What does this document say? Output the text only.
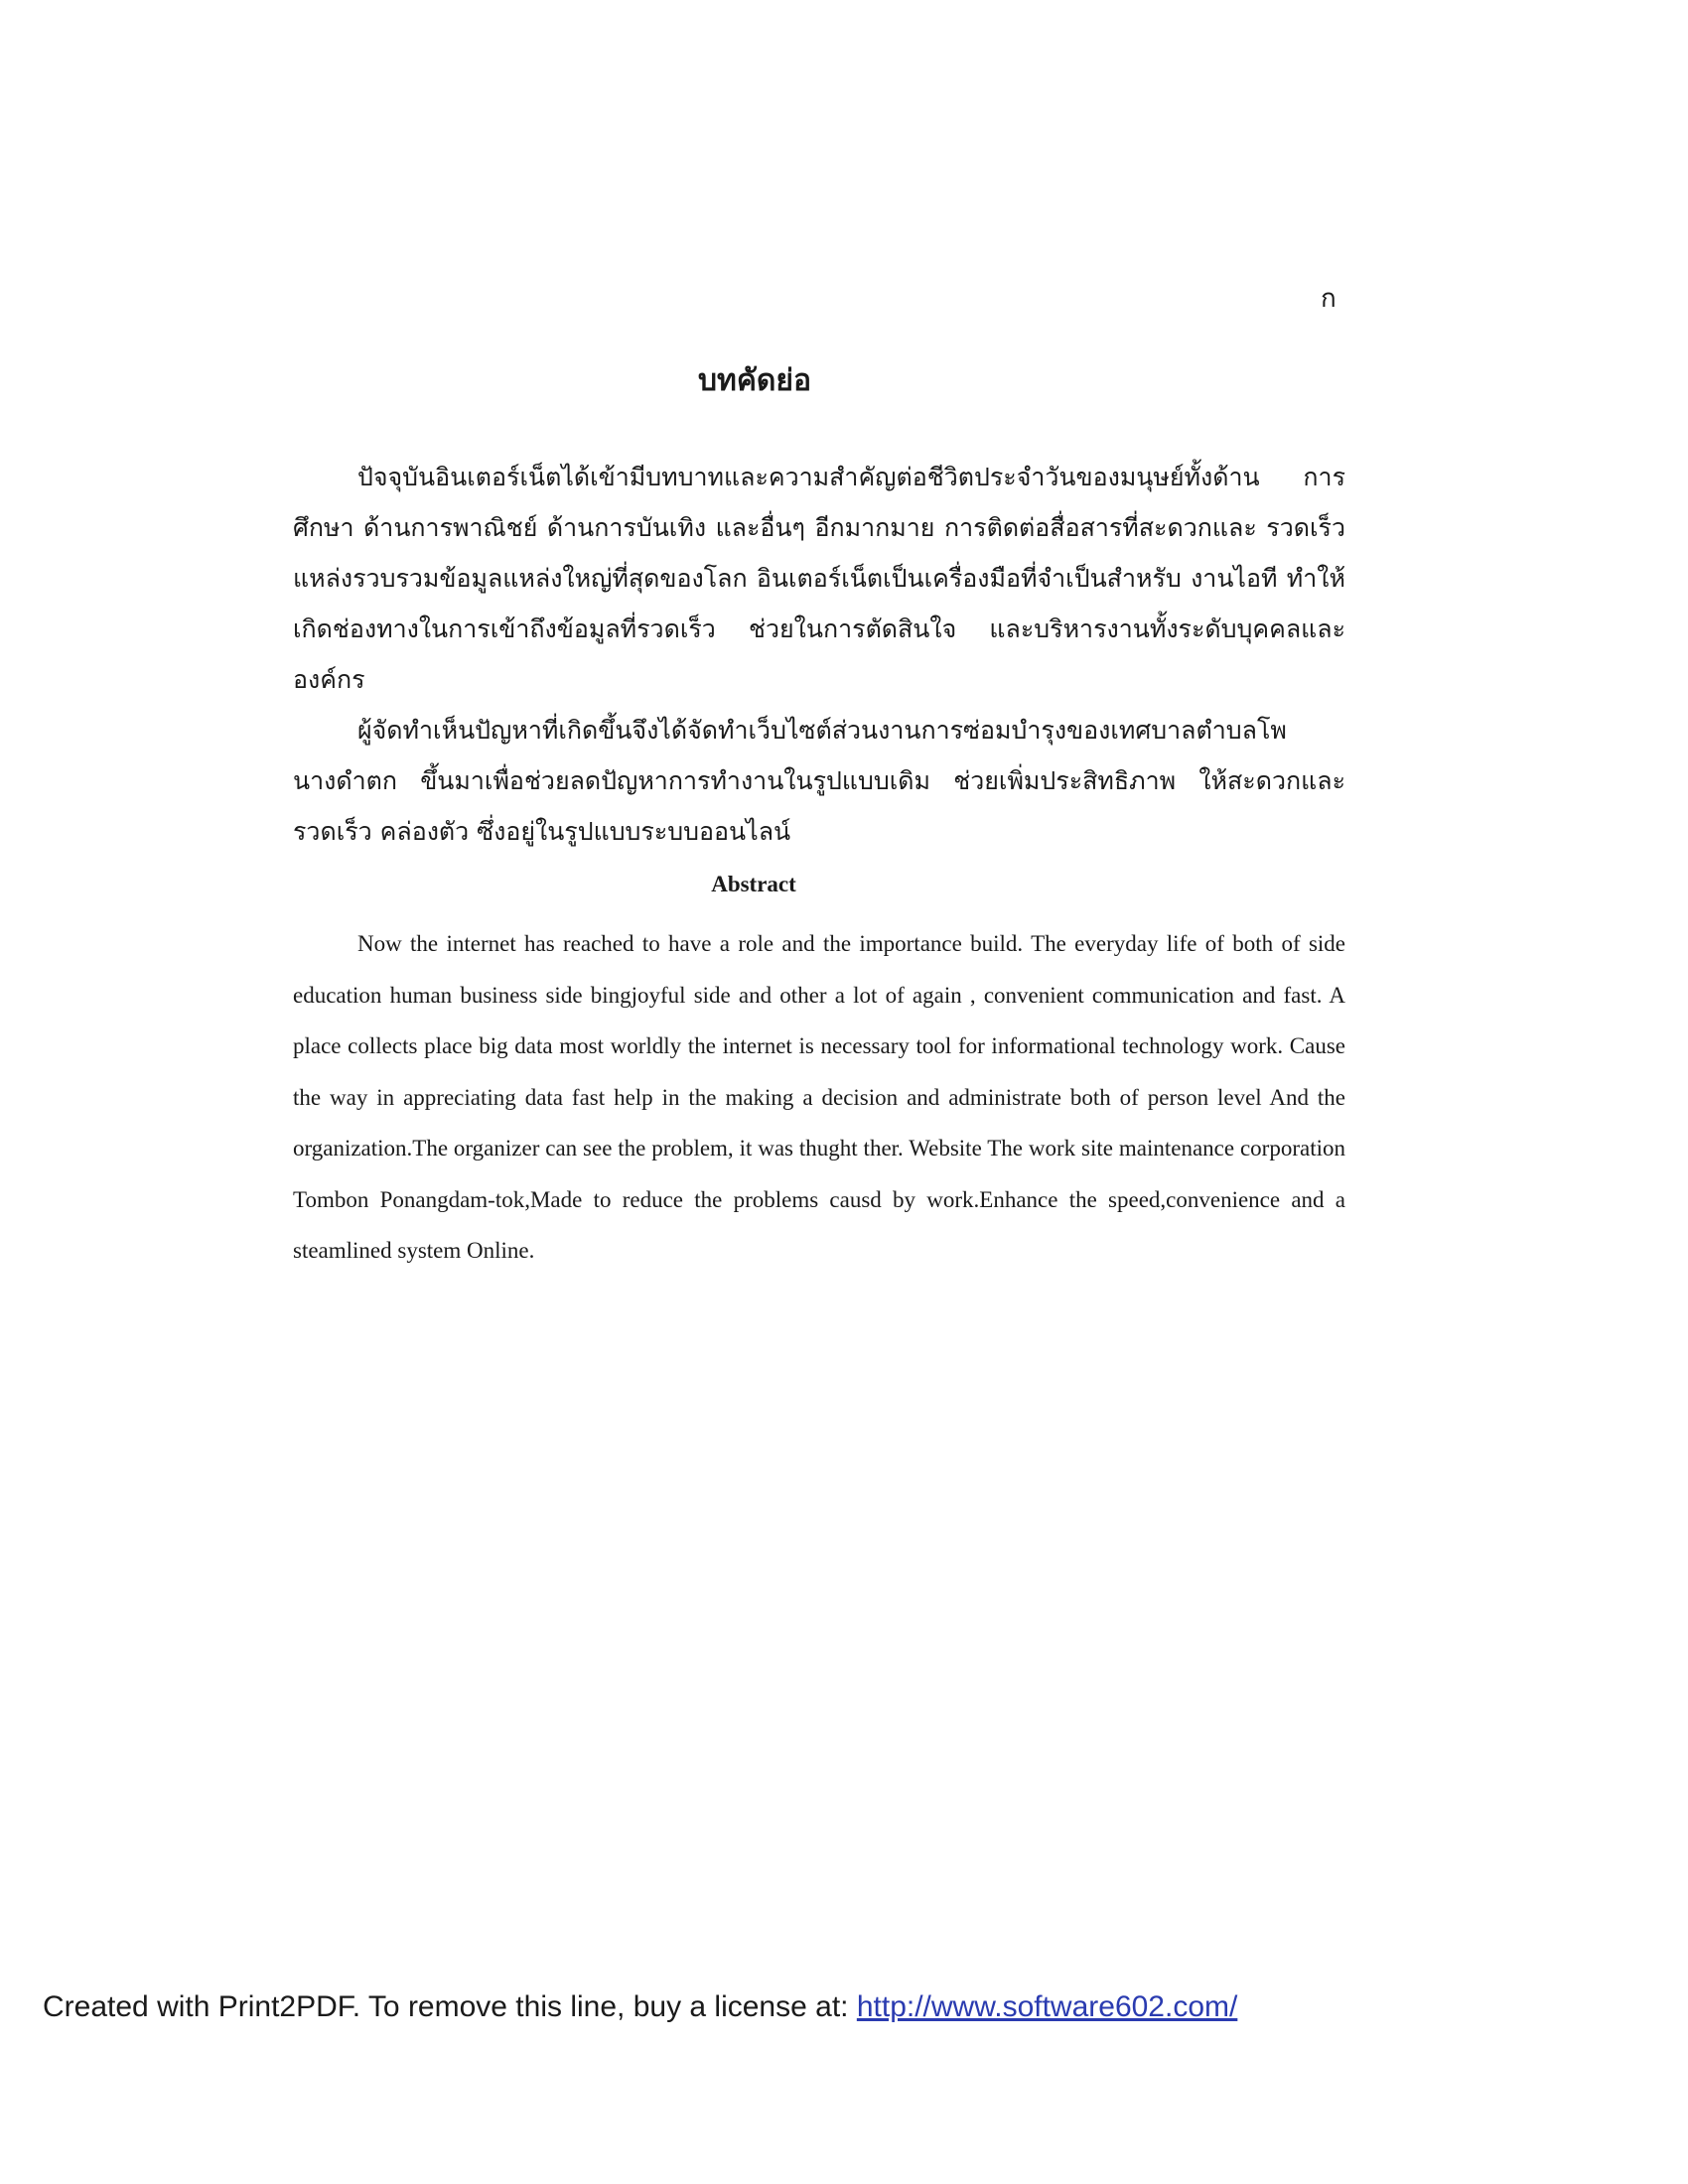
ก
บทคัดย่อ

ปัจจุบันอินเตอร์เน็ตได้เข้ามีบทบาทและความสำคัญต่อชีวิตประจำวันของมนุษย์ทั้งด้าน การศึกษา ด้านการพาณิชย์ ด้านการบันเทิง และอื่นๆ อีกมากมาย การติดต่อสื่อสารที่สะดวกและ รวดเร็ว แหล่งรวบรวมข้อมูลแหล่งใหญ่ที่สุดของโลก อินเตอร์เน็ตเป็นเครื่องมือที่จำเป็นสำหรับ งานไอที ทำให้เกิดช่องทางในการเข้าถึงข้อมูลที่รวดเร็ว ช่วยในการตัดสินใจ และบริหารงานทั้งระดับบุคคลและองค์กร

ผู้จัดทำเห็นปัญหาที่เกิดขึ้นจึงได้จัดทำเว็บไซต์ส่วนงานการซ่อมบำรุงของเทศบาลตำบลโพนางดำตก ขึ้นมาเพื่อช่วยลดปัญหาการทำงานในรูปแบบเดิม ช่วยเพิ่มประสิทธิภาพ ให้สะดวกและรวดเร็ว คล่องตัว ซึ่งอยู่ในรูปแบบระบบออนไลน์

Abstract

Now the internet has reached to have a role and the importance build. The everyday life of both of side education human business side bingjoyful side and other a lot of again , convenient communication and fast. A place collects place big data most worldly the internet is necessary tool for informational technology work. Cause the way in appreciating data fast help in the making a decision and administrate both of person level And the organization.The organizer can see the problem, it was thught ther. Website The work site maintenance corporation Tombon Ponangdam-tok,Made to reduce the problems causd by work.Enhance the speed,convenience and a steamlined system Online.

Created with Print2PDF. To remove this line, buy a license at: http://www.software602.com/
